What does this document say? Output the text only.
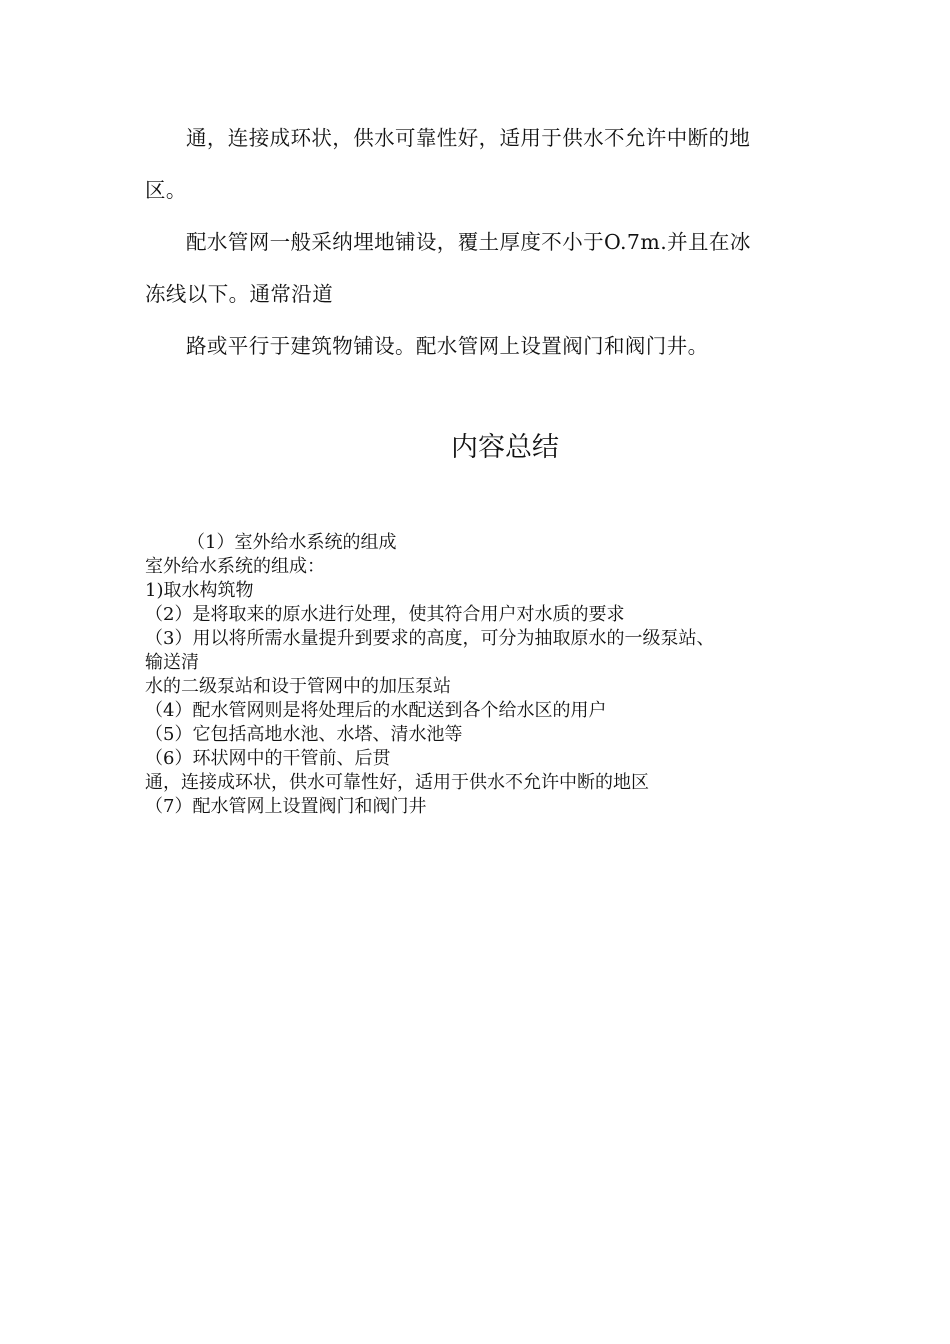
通，连接成环状，供水可靠性好，适用于供水不允许中断的地

区。

配水管网一般采纳埋地铺设，覆土厚度不小于O.7m.并且在冰

冻线以下。通常沿道

路或平行于建筑物铺设。配水管网上设置阀门和阀门井。

内容总结
（1）室外给水系统的组成
室外给水系统的组成：
1)取水构筑物
（2）是将取来的原水进行处理，使其符合用户对水质的要求
（3）用以将所需水量提升到要求的高度，可分为抽取原水的一级泵站、
输送清
水的二级泵站和设于管网中的加压泵站
（4）配水管网则是将处理后的水配送到各个给水区的用户
（5）它包括高地水池、水塔、清水池等
（6）环状网中的干管前、后贯
通，连接成环状，供水可靠性好，适用于供水不允许中断的地区
（7）配水管网上设置阀门和阀门井
